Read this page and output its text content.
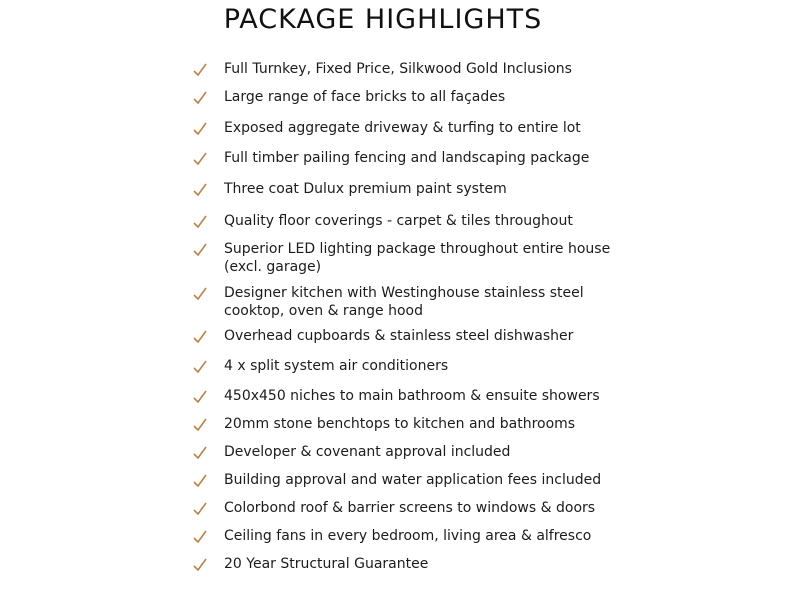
PACKAGE HIGHLIGHTS
Full Turnkey, Fixed Price, Silkwood Gold Inclusions
Large range of face bricks to all façades
Exposed aggregate driveway & turfing to entire lot
Full timber pailing fencing and landscaping package
Three coat Dulux premium paint system
Quality floor coverings - carpet & tiles throughout
Superior LED lighting package throughout entire house
(excl. garage)
Designer kitchen with Westinghouse stainless steel
cooktop, oven & range hood
Overhead cupboards & stainless steel dishwasher
4 x split system air conditioners
450x450 niches to main bathroom & ensuite showers
20mm stone benchtops to kitchen and bathrooms
Developer & covenant approval included
Building approval and water application fees included
Colorbond roof & barrier screens to windows & doors
Ceiling fans in every bedroom, living area & alfresco
20 Year Structural Guarantee
